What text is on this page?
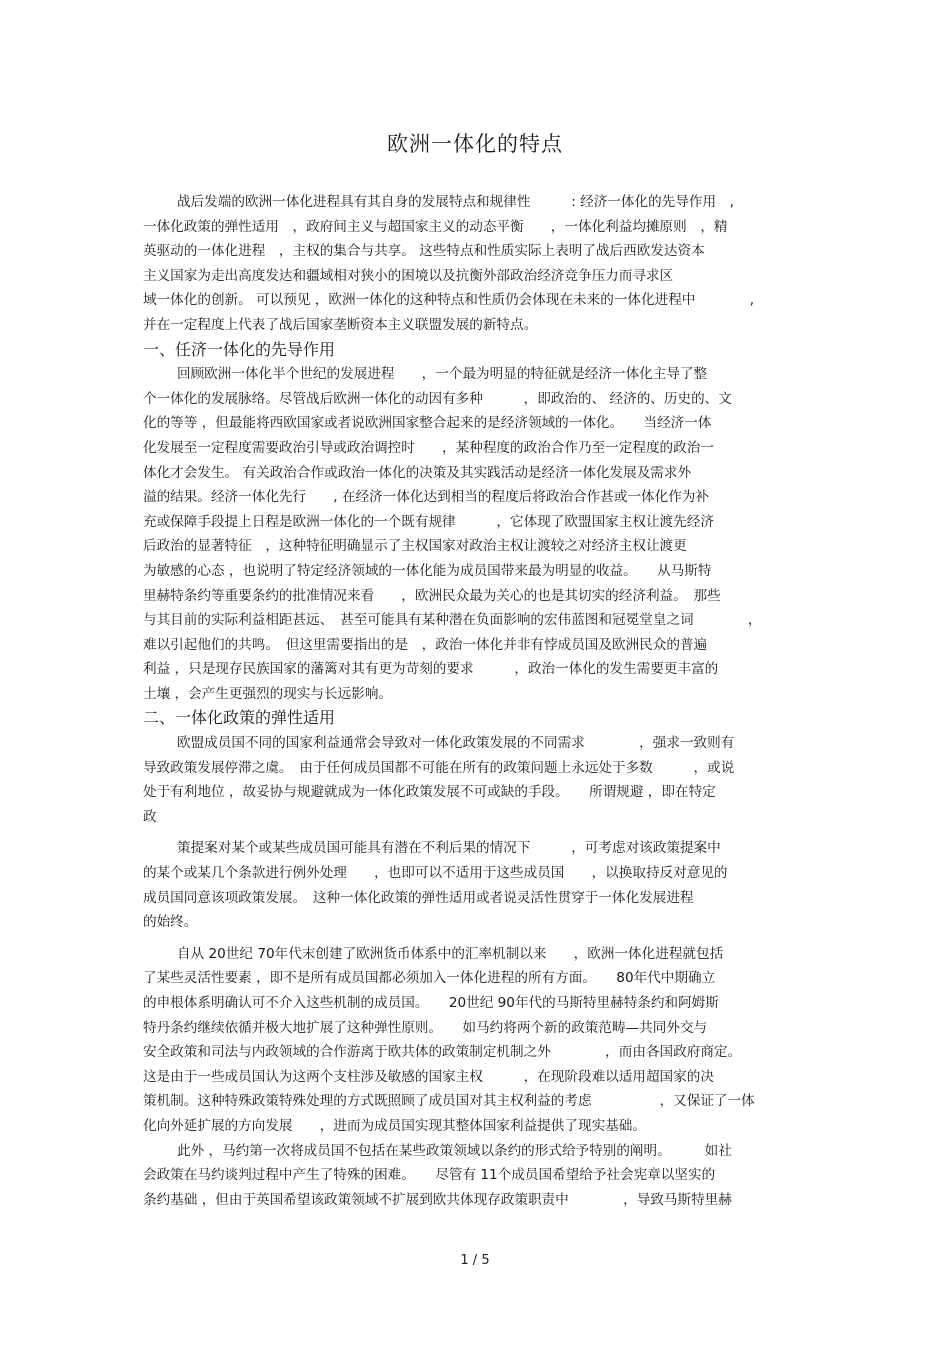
欧洲一体化的特点

战后发端的欧洲一体化进程具有其自身的发展特点和规律性　　　: 经济一体化的先导作用　,
一体化政策的弹性适用　，政府间主义与超国家主义的动态平衡　　，一体化利益均摊原则　，精
英驱动的一体化进程　，主权的集合与共享。 这些特点和性质实际上表明了战后西欧发达资本
主义国家为走出高度发达和疆域相对狭小的困境以及抗衡外部政治经济竞争压力而寻求区
域一体化的创新。 可以预见 ，欧洲一体化的这种特点和性质仍会体现在未来的一体化进程中　　　　,
并在一定程度上代表了战后国家垄断资本主义联盟发展的新特点。

一、任济一体化的先导作用

回顾欧洲一体化半个世纪的发展进程　　，一个最为明显的特征就是经济一体化主导了整
个一体化的发展脉络。尽管战后欧洲一体化的动因有多种　　　，即政治的、 经济的、历史的、文
化的等等 ，但最能将西欧国家或者说欧洲国家整合起来的是经济领域的一体化。　　当经济一体
化发展至一定程度需要政治引导或政治调控时　　，某种程度的政治合作乃至一定程度的政治一
体化才会发生。 有关政治合作或政治一体化的决策及其实践活动是经济一体化发展及需求外
溢的结果。经济一体化先行　　, 在经济一体化达到相当的程度后将政治合作甚或一体化作为补
充或保障手段提上日程是欧洲一体化的一个既有规律　　　，它体现了欧盟国家主权让渡先经济
后政治的显著特征　，这种特征明确显示了主权国家对政治主权让渡较之对经济主权让渡更
为敏感的心态 ，也说明了特定经济领域的一体化能为成员国带来最为明显的收益。　　从马斯特
里赫特条约等重要条约的批准情况来看　　，欧洲民众最为关心的也是其切实的经济利益。　那些
与其目前的实际利益相距甚远、　甚至可能具有某种潜在负面影响的宏伟蓝图和冠冕堂皇之词　　　　，
难以引起他们的共鸣。　但这里需要指出的是　，政治一体化并非有悖成员国及欧洲民众的普遍
利益 ，只是现存民族国家的藩篱对其有更为苛刻的要求　　　，政治一体化的发生需要更丰富的
土壤 ，会产生更强烈的现实与长远影响。

二、一体化政策的弹性适用

欧盟成员国不同的国家利益通常会导致对一体化政策发展的不同需求　　　　，强求一致则有
导致政策发展停滞之虞。　由于任何成员国都不可能在所有的政策问题上永远处于多数　　　，或说
处于有利地位 ，故妥协与规避就成为一体化政策发展不可或缺的手段。　　所谓规避 ，即在特定
政

策提案对某个或某些成员国可能具有潜在不利后果的情况下　　　，可考虑对该政策提案中
的某个或某几个条款进行例外处理　　，也即可以不适用于这些成员国　　，以换取持反对意见的
成员国同意该项政策发展。　这种一体化政策的弹性适用或者说灵活性贯穿于一体化发展进程
的始终。

自从 20世纪 70年代末创建了欧洲货币体系中的汇率机制以来　　，欧洲一体化进程就包括
了某些灵活性要素 ，即不是所有成员国都必须加入一体化进程的所有方面。　　80年代中期确立
的申根体系明确认可不介入这些机制的成员国。　　20世纪 90年代的马斯特里赫特条约和阿姆斯
特丹条约继续依循并极大地扩展了这种弹性原则。　　如马约将两个新的政策范畴—共同外交与
安全政策和司法与内政领域的合作游离于欧共体的政策制定机制之外　　　　，而由各国政府商定。
这是由于一些成员国认为这两个支柱涉及敏感的国家主权　　　，在现阶段难以适用超国家的决
策机制。这种特殊政策特殊处理的方式既照顾了成员国对其主权利益的考虑　　　　　，又保证了一体
化向外延扩展的方向发展　　，进而为成员国实现其整体国家利益提供了现实基础。

此外 ，马约第一次将成员国不包括在某些政策领域以条约的形式给予特别的阐明。　　　如社
会政策在马约谈判过程中产生了特殊的困难。　　尽管有 11个成员国希望给予社会宪章以坚实的
条约基础 ，但由于英国希望该政策领域不扩展到欧共体现存政策职责中　　　　，导致马斯特里赫

1 / 5
